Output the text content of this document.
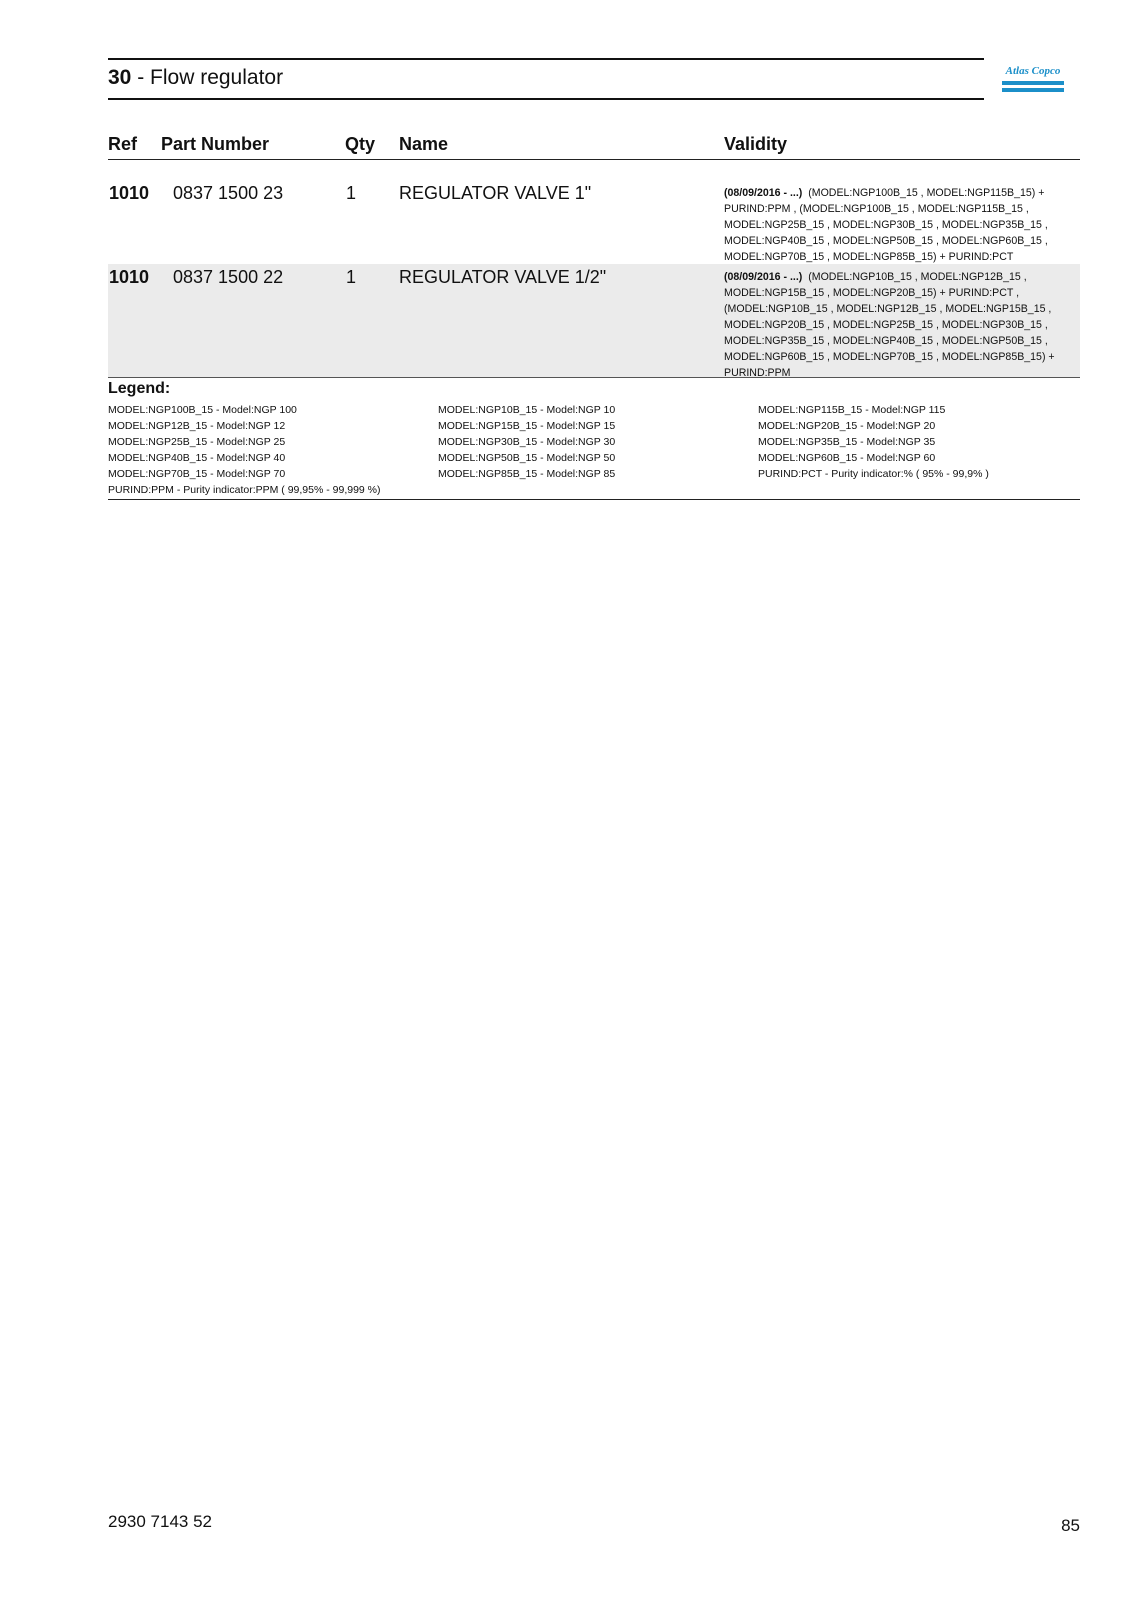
30 - Flow regulator	Atlas Copco
Ref Part Number	Qty Name	Validity
1010 0837 1500 23	1 REGULATOR VALVE 1"	(08/09/2016 - ...) (MODEL:NGP100B_15 , MODEL:NGP115B_15) + PURIND:PPM , (MODEL:NGP100B_15 , MODEL:NGP115B_15 , MODEL:NGP25B_15 , MODEL:NGP30B_15 , MODEL:NGP35B_15 , MODEL:NGP40B_15 , MODEL:NGP50B_15 , MODEL:NGP60B_15 , MODEL:NGP70B_15 , MODEL:NGP85B_15) + PURIND:PCT
1010 0837 1500 22	1 REGULATOR VALVE 1/2"	(08/09/2016 - ...) (MODEL:NGP10B_15 , MODEL:NGP12B_15 , MODEL:NGP15B_15 , MODEL:NGP20B_15) + PURIND:PCT , (MODEL:NGP10B_15 , MODEL:NGP12B_15 , MODEL:NGP15B_15 , MODEL:NGP20B_15 , MODEL:NGP25B_15 , MODEL:NGP30B_15 , MODEL:NGP35B_15 , MODEL:NGP40B_15 , MODEL:NGP50B_15 , MODEL:NGP60B_15 , MODEL:NGP70B_15 , MODEL:NGP85B_15) + PURIND:PPM
Legend:
MODEL:NGP100B_15 - Model:NGP 100
MODEL:NGP12B_15 - Model:NGP 12
MODEL:NGP25B_15 - Model:NGP 25
MODEL:NGP40B_15 - Model:NGP 40
MODEL:NGP70B_15 - Model:NGP 70
PURIND:PPM - Purity indicator:PPM ( 99,95% - 99,999 %)
MODEL:NGP10B_15 - Model:NGP 10
MODEL:NGP15B_15 - Model:NGP 15
MODEL:NGP30B_15 - Model:NGP 30
MODEL:NGP50B_15 - Model:NGP 50
MODEL:NGP85B_15 - Model:NGP 85
MODEL:NGP115B_15 - Model:NGP 115
MODEL:NGP20B_15 - Model:NGP 20
MODEL:NGP35B_15 - Model:NGP 35
MODEL:NGP60B_15 - Model:NGP 60
PURIND:PCT - Purity indicator:% ( 95% - 99,9% )
2930 7143 52	85
